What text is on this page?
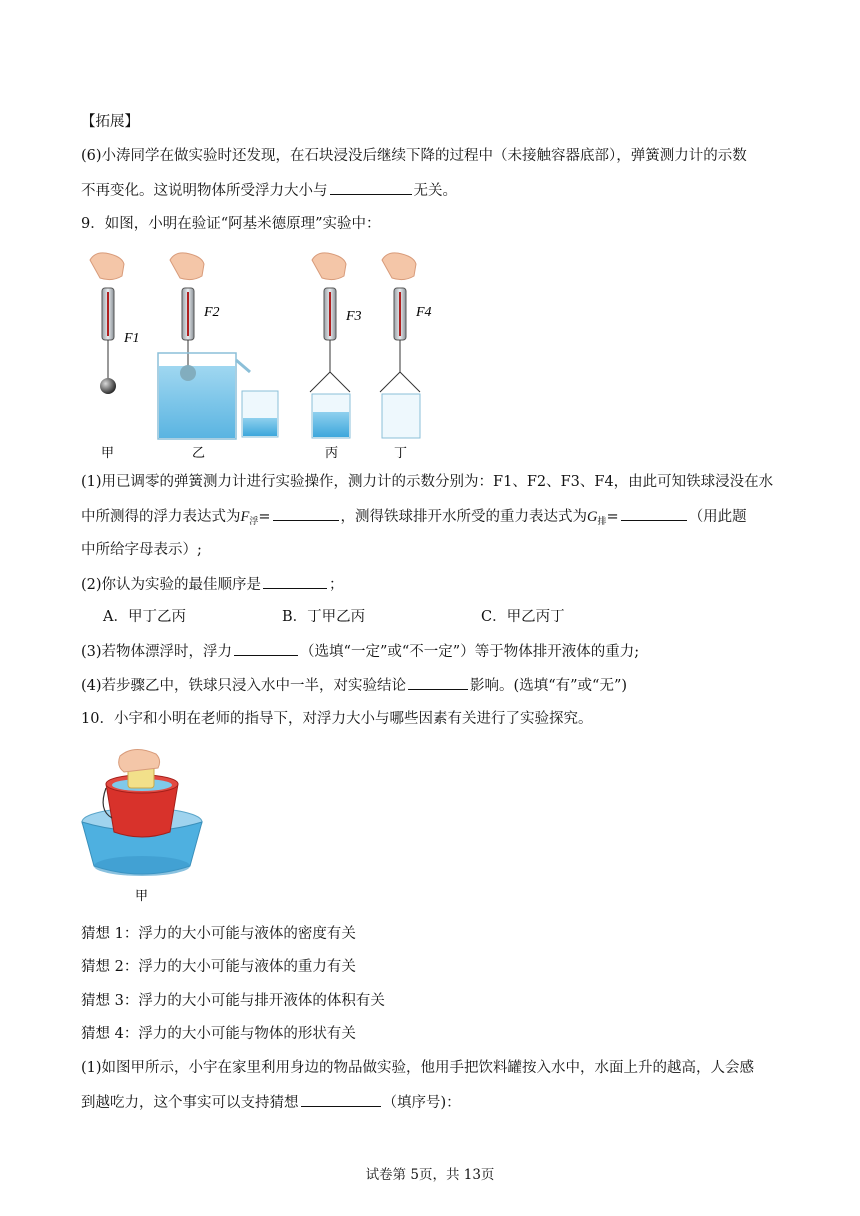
【拓展】
(6)小涛同学在做实验时还发现，在石块浸没后继续下降的过程中（未接触容器底部），弹簧测力计的示数
不再变化。这说明物体所受浮力大小与	无关。
9．如图，小明在验证“阿基米德原理”实验中：
F1
F2	F3	F4
甲	乙	丙	丁
(1)用已调零的弹簧测力计进行实验操作，测力计的示数分别为：F1、F2、F3、F4，由此可知铁球浸没在水
中所测得的浮力表达式为$F_浮=$	，测得铁球排开水所受的重力表达式为$G_排=$	（用此题
中所给字母表示）;
(2)你认为实验的最佳顺序是	；
A．甲丁乙丙	B．丁甲乙丙	C．甲乙丙丁
(3)若物体漂浮时，浮力	（选填“一定”或“不一定”）等于物体排开液体的重力;
(4)若步骤乙中，铁球只浸入水中一半，对实验结论	影响。(选填“有”或“无”)
10．小宇和小明在老师的指导下，对浮力大小与哪些因素有关进行了实验探究。
甲
猜想 1：浮力的大小可能与液体的密度有关
猜想 2：浮力的大小可能与液体的重力有关
猜想 3：浮力的大小可能与排开液体的体积有关
猜想 4：浮力的大小可能与物体的形状有关
(1)如图甲所示，小宇在家里利用身边的物品做实验，他用手把饮料罐按入水中，水面上升的越高，人会感
到越吃力，这个事实可以支持猜想	（填序号)：
试卷第 5页，共 13页
